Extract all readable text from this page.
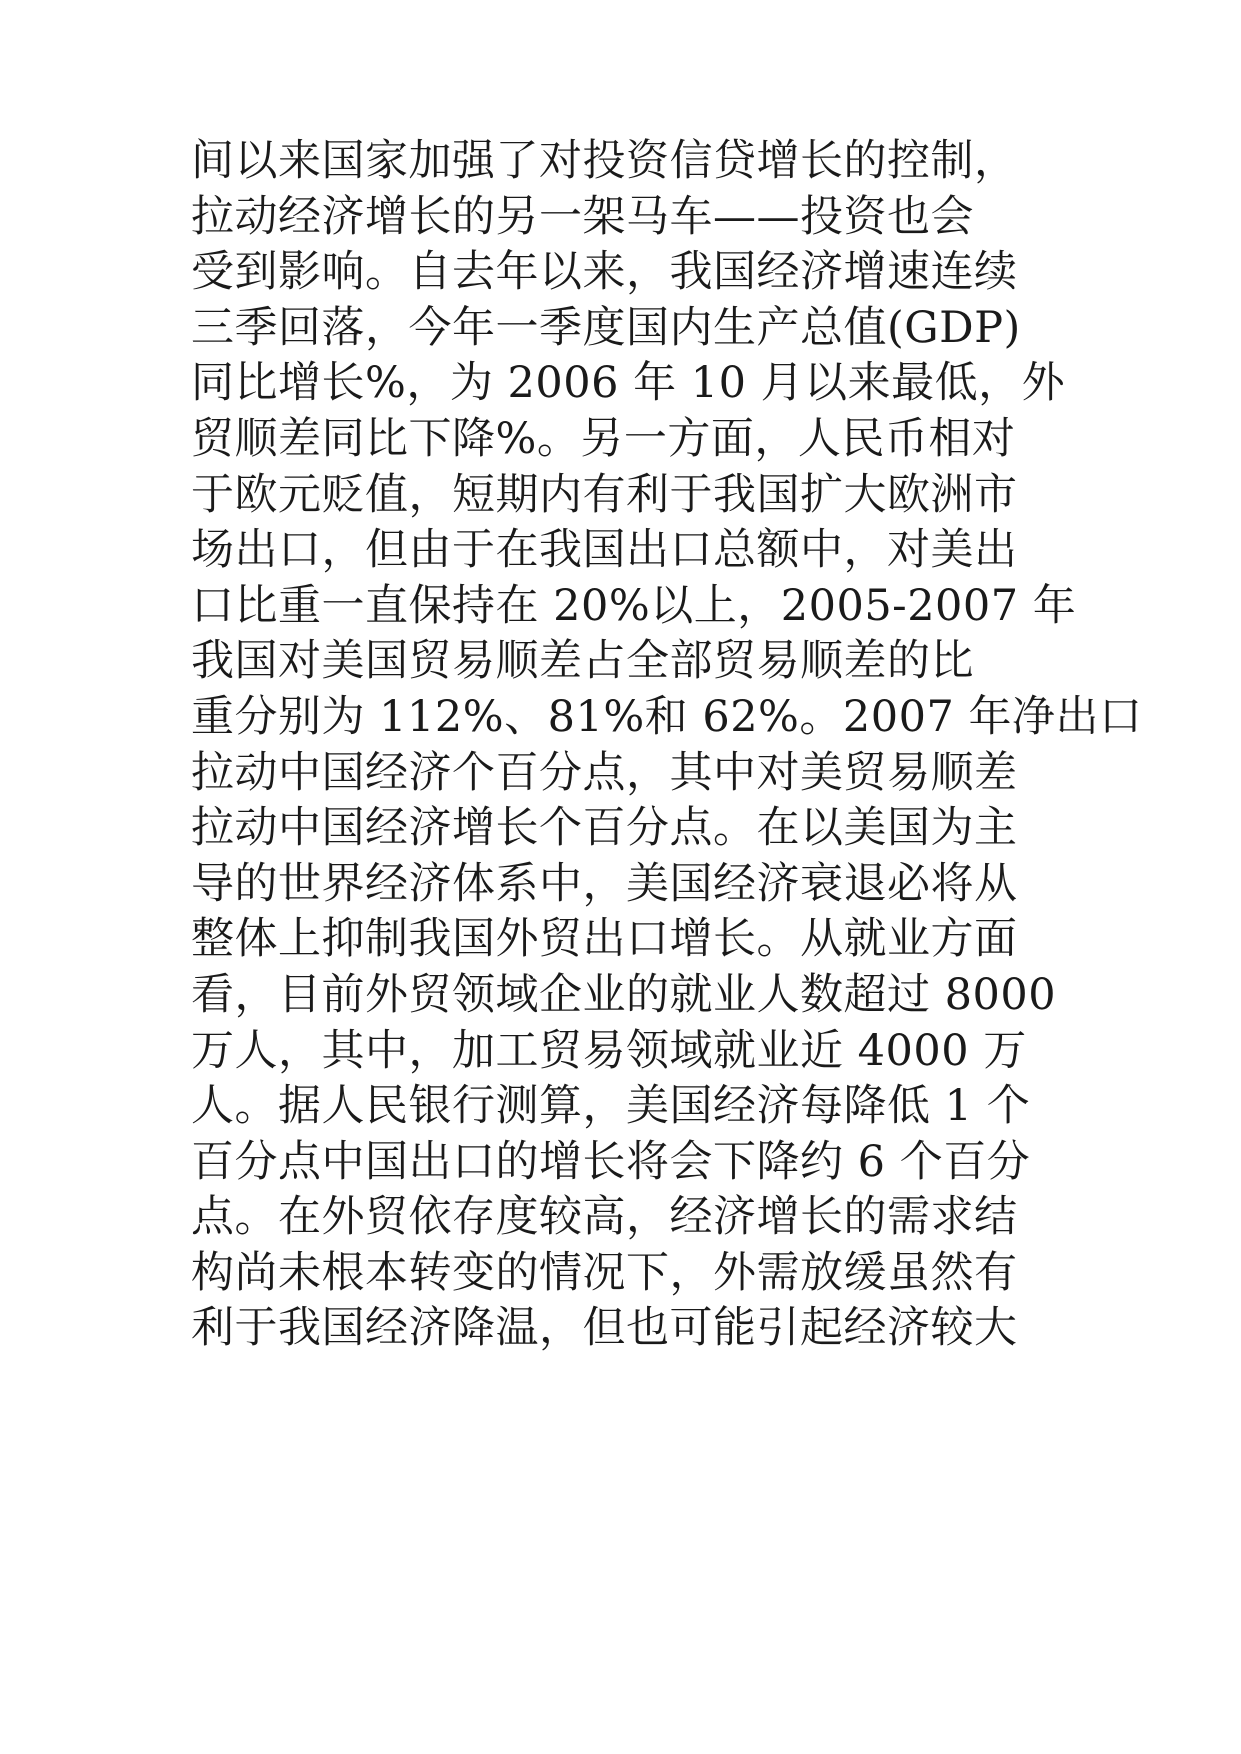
间以来国家加强了对投资信贷增长的控制，
拉动经济增长的另一架马车——投资也会
受到影响。自去年以来，我国经济增速连续
三季回落，今年一季度国内生产总值(GDP)
同比增长%，为 2006 年 10 月以来最低，外
贸顺差同比下降%。另一方面，人民币相对
于欧元贬值，短期内有利于我国扩大欧洲市
场出口，但由于在我国出口总额中，对美出
口比重一直保持在 20%以上，2005-2007 年
我国对美国贸易顺差占全部贸易顺差的比
重分别为 112%、81%和 62%。2007 年净出口
拉动中国经济个百分点，其中对美贸易顺差
拉动中国经济增长个百分点。在以美国为主
导的世界经济体系中，美国经济衰退必将从
整体上抑制我国外贸出口增长。从就业方面
看，目前外贸领域企业的就业人数超过 8000
万人，其中，加工贸易领域就业近 4000 万
人。据人民银行测算，美国经济每降低 1 个
百分点中国出口的增长将会下降约 6 个百分
点。在外贸依存度较高，经济增长的需求结
构尚未根本转变的情况下，外需放缓虽然有
利于我国经济降温，但也可能引起经济较大
